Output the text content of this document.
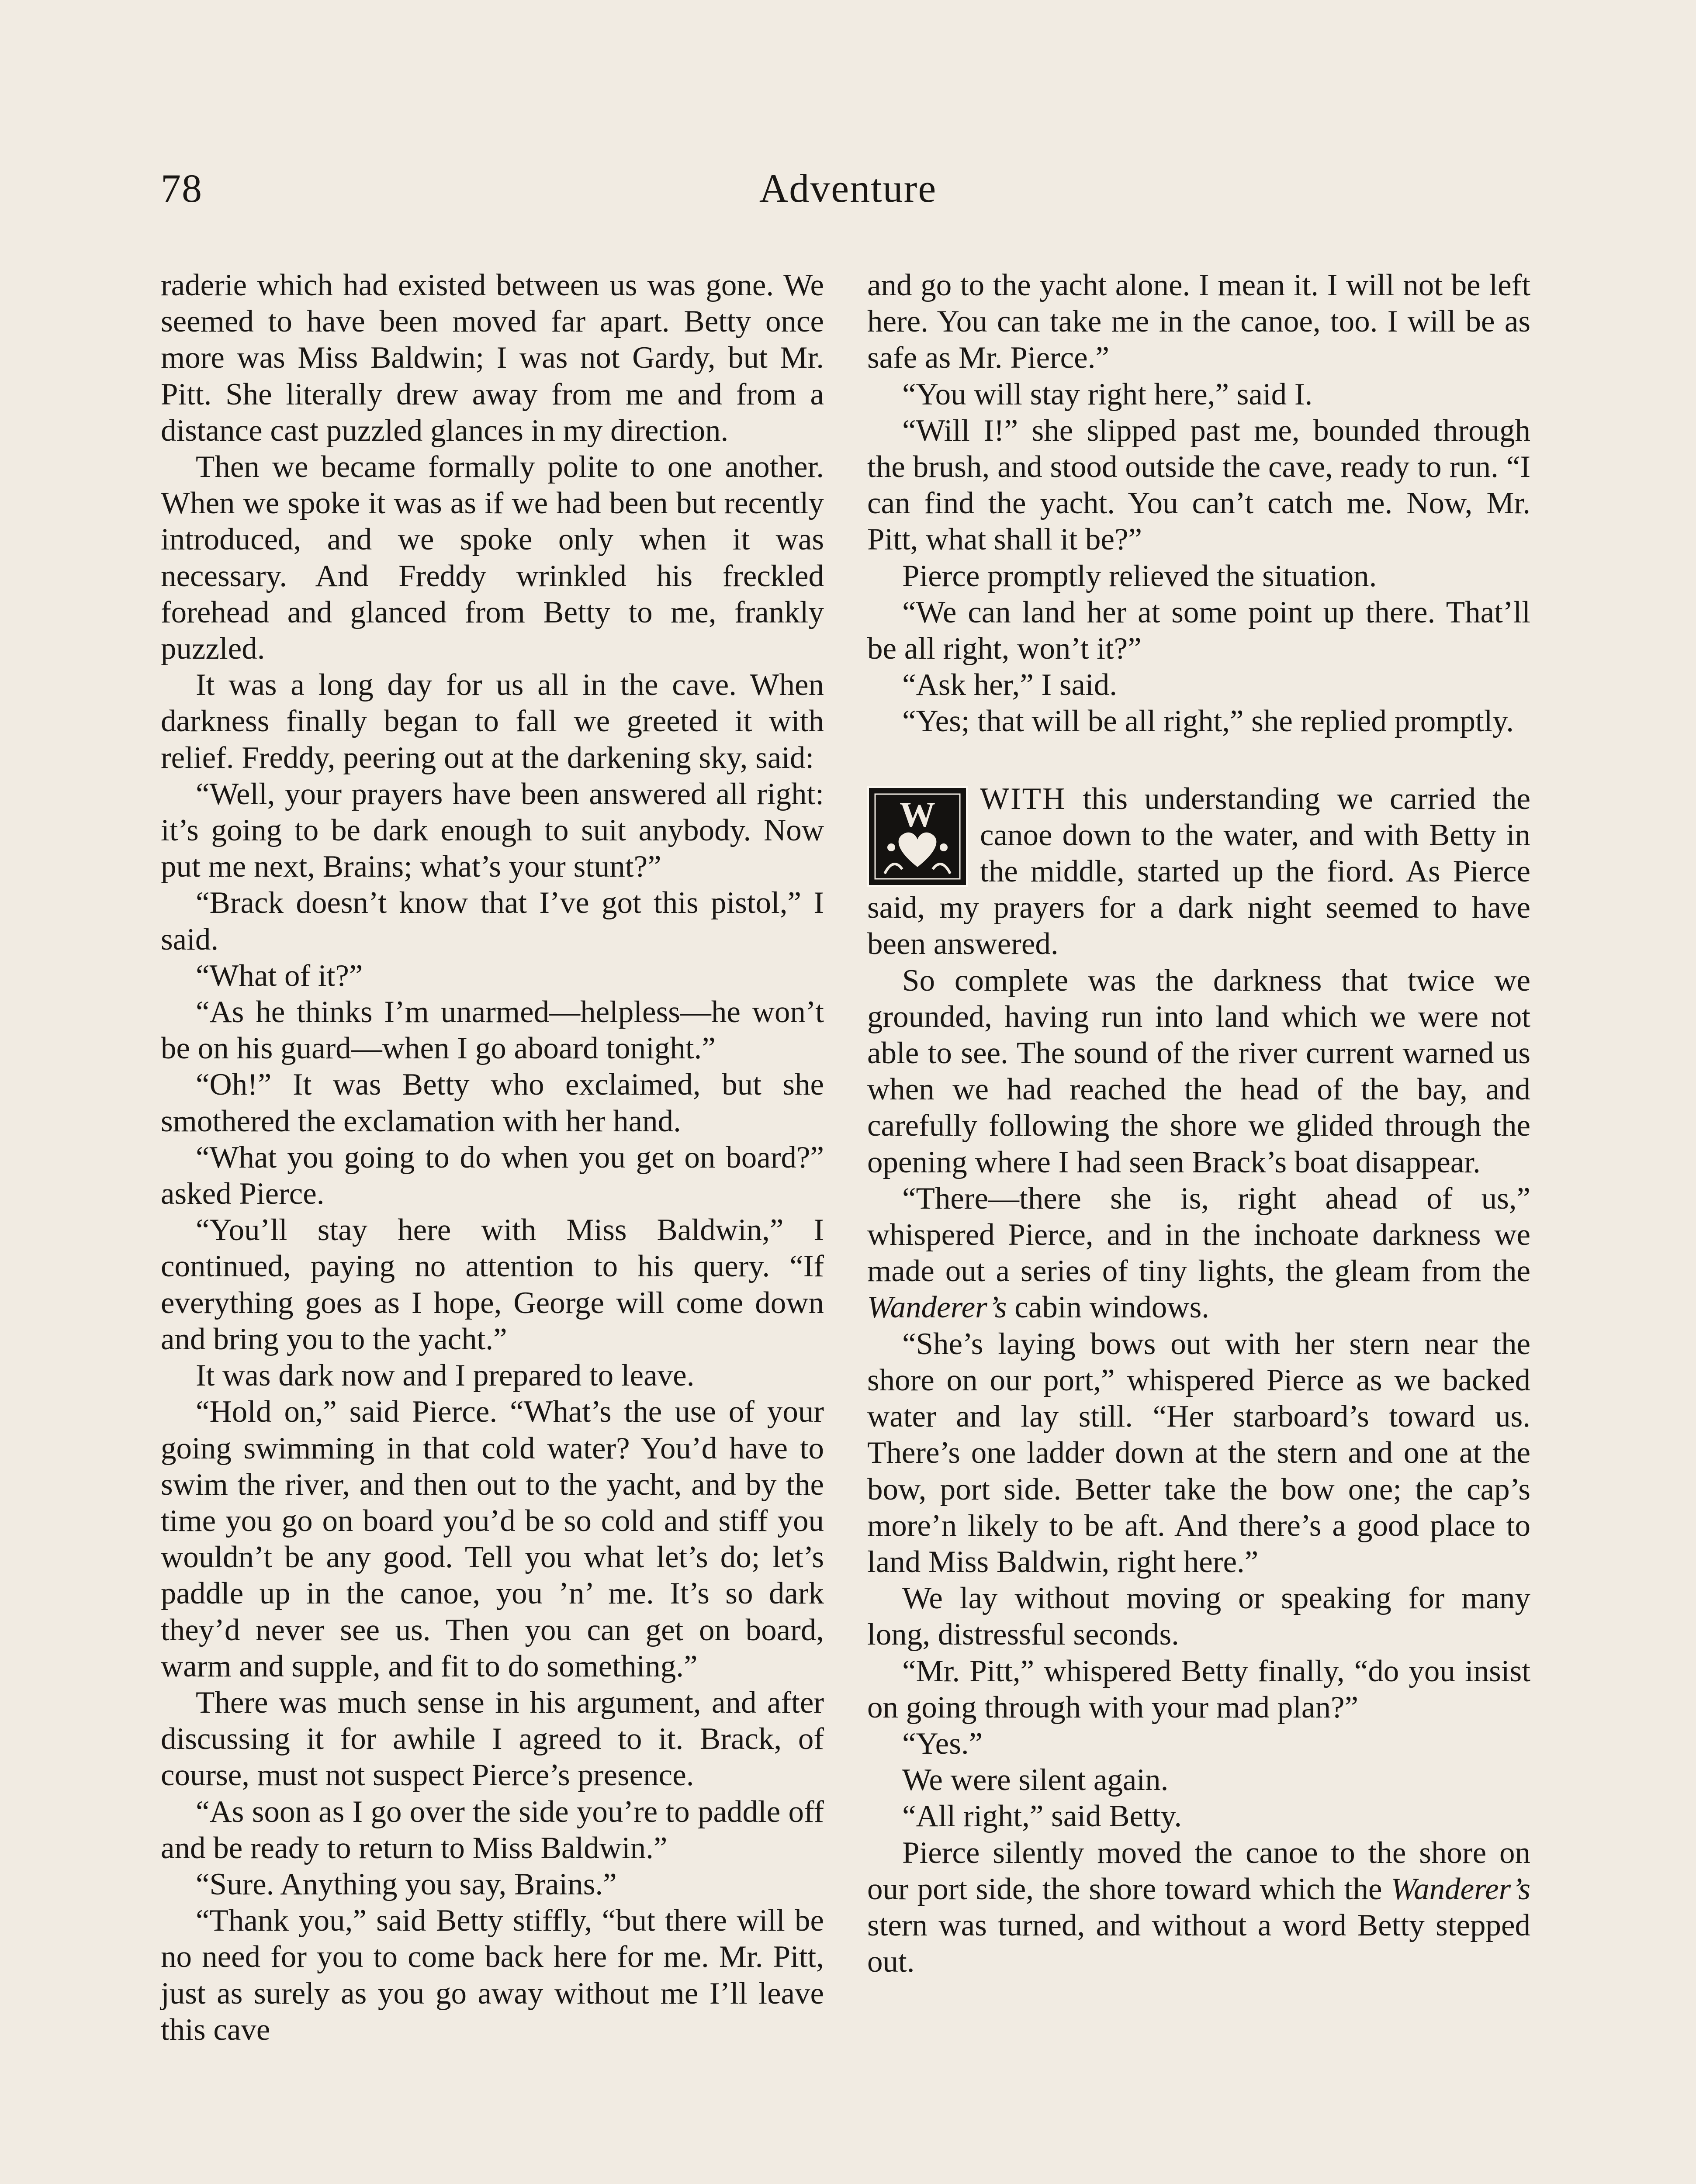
78	Adventure

raderie which had existed between us was gone. We seemed to have been moved far apart. Betty once more was Miss Baldwin; I was not Gardy, but Mr. Pitt. She literally drew away from me and from a distance cast puzzled glances in my direction.

Then we became formally polite to one another. When we spoke it was as if we had been but recently introduced, and we spoke only when it was necessary. And Freddy wrinkled his freckled forehead and glanced from Betty to me, frankly puzzled.

It was a long day for us all in the cave. When darkness finally began to fall we greeted it with relief. Freddy, peering out at the darkening sky, said:

“Well, your prayers have been answered all right: it’s going to be dark enough to suit anybody. Now put me next, Brains; what’s your stunt?”

“Brack doesn’t know that I’ve got this pistol,” I said.

“What of it?”

“As he thinks I’m unarmed—helpless—he won’t be on his guard—when I go aboard tonight.”

“Oh!” It was Betty who exclaimed, but she smothered the exclamation with her hand.

“What you going to do when you get on board?” asked Pierce.

“You’ll stay here with Miss Baldwin,” I continued, paying no attention to his query. “If everything goes as I hope, George will come down and bring you to the yacht.”

It was dark now and I prepared to leave.

“Hold on,” said Pierce. “What’s the use of your going swimming in that cold water? You’d have to swim the river, and then out to the yacht, and by the time you go on board you’d be so cold and stiff you wouldn’t be any good. Tell you what let’s do; let’s paddle up in the canoe, you ’n’ me. It’s so dark they’d never see us. Then you can get on board, warm and supple, and fit to do something.”

There was much sense in his argument, and after discussing it for awhile I agreed to it. Brack, of course, must not suspect Pierce’s presence.

“As soon as I go over the side you’re to paddle off and be ready to return to Miss Baldwin.”

“Sure. Anything you say, Brains.”

“Thank you,” said Betty stiffly, “but there will be no need for you to come back here for me. Mr. Pitt, just as surely as you go away without me I’ll leave this cave

and go to the yacht alone. I mean it. I will not be left here. You can take me in the canoe, too. I will be as safe as Mr. Pierce.”

“You will stay right here,” said I.

“Will I!” she slipped past me, bounded through the brush, and stood outside the cave, ready to run. “I can find the yacht. You can’t catch me. Now, Mr. Pitt, what shall it be?”

Pierce promptly relieved the situation.

“We can land her at some point up there. That’ll be all right, won’t it?”

“Ask her,” I said.

“Yes; that will be all right,” she replied promptly.

W WITH this understanding we carried the canoe down to the water, and with Betty in the middle, started up the fiord. As Pierce said, my prayers for a dark night seemed to have been answered.

So complete was the darkness that twice we grounded, having run into land which we were not able to see. The sound of the river current warned us when we had reached the head of the bay, and carefully following the shore we glided through the opening where I had seen Brack’s boat disappear.

“There—there she is, right ahead of us,” whispered Pierce, and in the inchoate darkness we made out a series of tiny lights, the gleam from the Wanderer’s cabin windows.

“She’s laying bows out with her stern near the shore on our port,” whispered Pierce as we backed water and lay still. “Her starboard’s toward us. There’s one ladder down at the stern and one at the bow, port side. Better take the bow one; the cap’s more’n likely to be aft. And there’s a good place to land Miss Baldwin, right here.”

We lay without moving or speaking for many long, distressful seconds.

“Mr. Pitt,” whispered Betty finally, “do you insist on going through with your mad plan?”

“Yes.”

We were silent again.

“All right,” said Betty.

Pierce silently moved the canoe to the shore on our port side, the shore toward which the Wanderer’s stern was turned, and without a word Betty stepped out.
